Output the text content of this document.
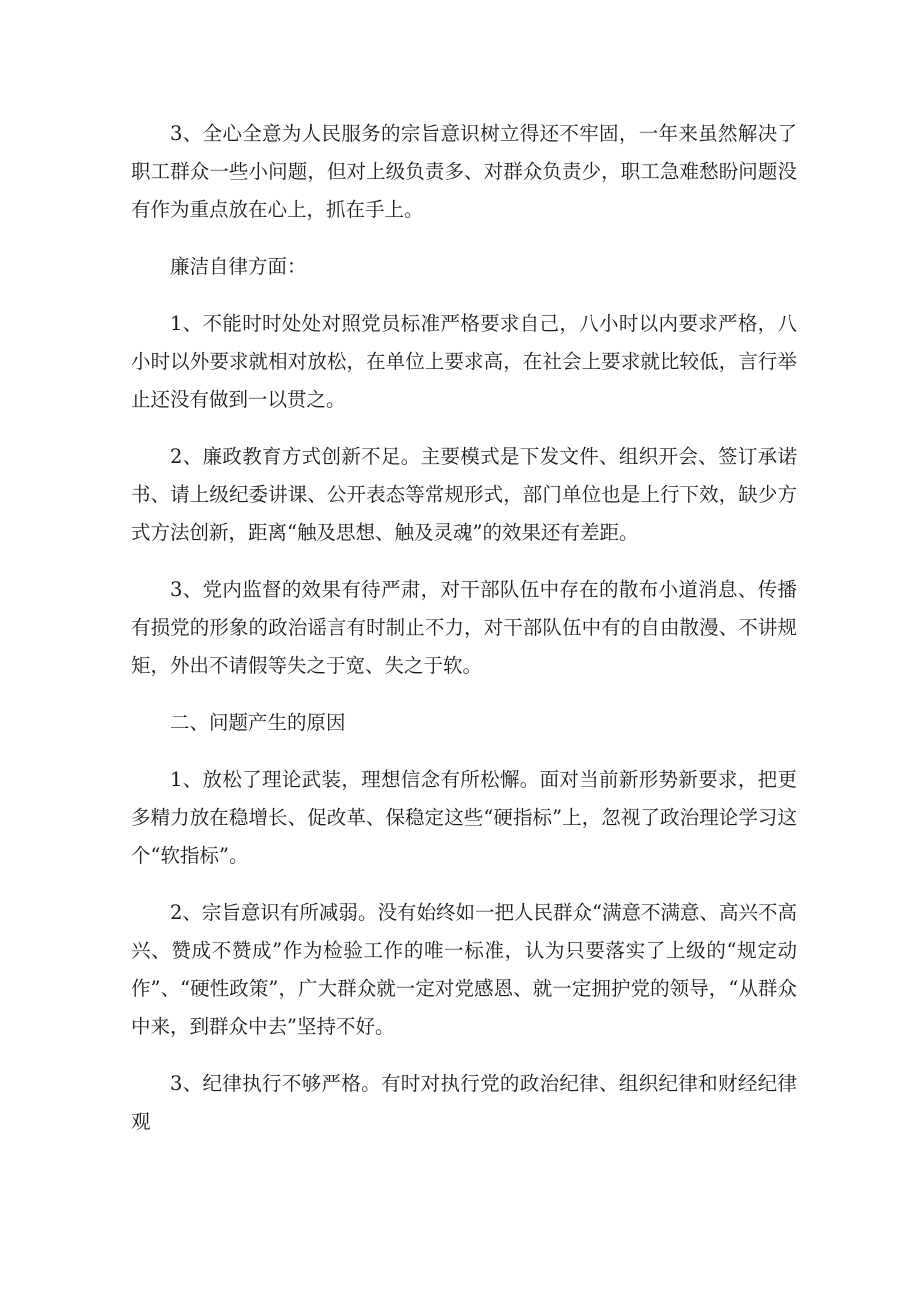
3、全心全意为人民服务的宗旨意识树立得还不牢固，一年来虽然解决了职工群众一些小问题，但对上级负责多、对群众负责少，职工急难愁盼问题没有作为重点放在心上，抓在手上。

廉洁自律方面：

1、不能时时处处对照党员标准严格要求自己，八小时以内要求严格，八小时以外要求就相对放松，在单位上要求高，在社会上要求就比较低，言行举止还没有做到一以贯之。

2、廉政教育方式创新不足。主要模式是下发文件、组织开会、签订承诺书、请上级纪委讲课、公开表态等常规形式，部门单位也是上行下效，缺少方式方法创新，距离“触及思想、触及灵魂”的效果还有差距。

3、党内监督的效果有待严肃，对干部队伍中存在的散布小道消息、传播有损党的形象的政治谣言有时制止不力，对干部队伍中有的自由散漫、不讲规矩，外出不请假等失之于宽、失之于软。

二、问题产生的原因

1、放松了理论武装，理想信念有所松懈。面对当前新形势新要求，把更多精力放在稳增长、促改革、保稳定这些“硬指标”上，忽视了政治理论学习这个“软指标”。

2、宗旨意识有所减弱。没有始终如一把人民群众“满意不满意、高兴不高兴、赞成不赞成”作为检验工作的唯一标准，认为只要落实了上级的“规定动作”、“硬性政策”，广大群众就一定对党感恩、就一定拥护党的领导，“从群众中来，到群众中去”坚持不好。

3、纪律执行不够严格。有时对执行党的政治纪律、组织纪律和财经纪律观
